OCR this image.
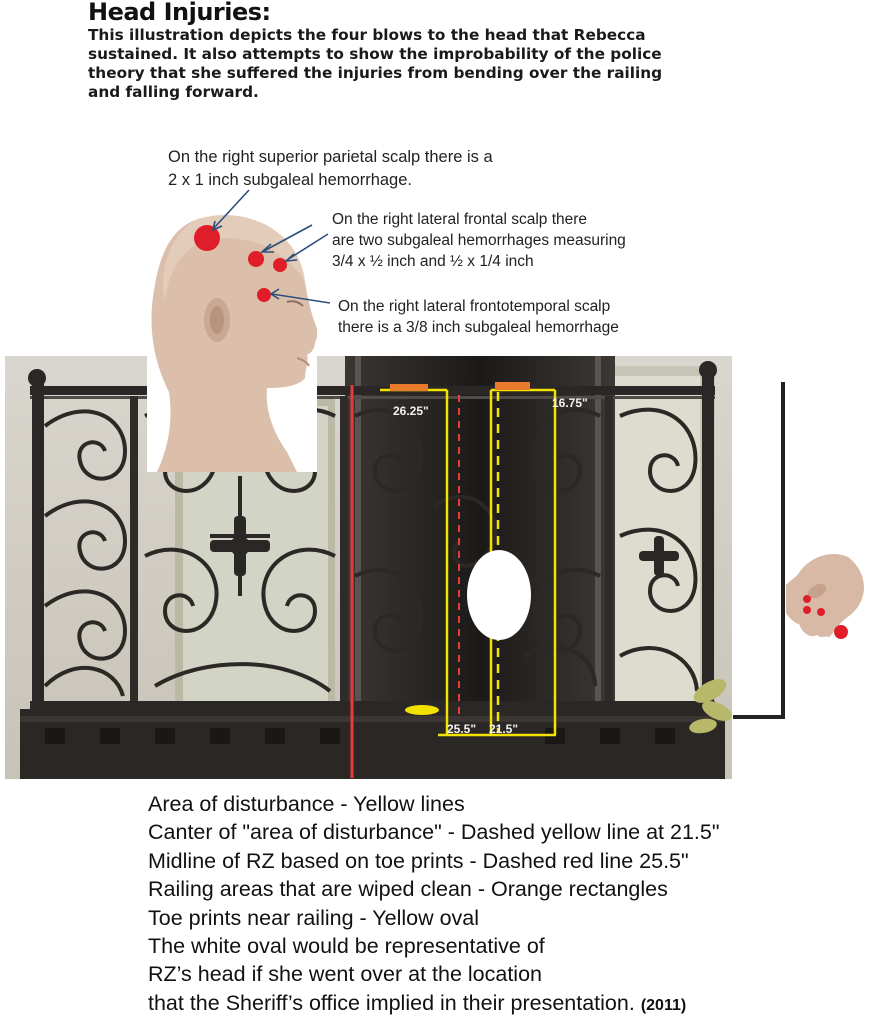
Head Injuries:
This illustration depicts the four blows to the head that Rebecca sustained. It also attempts to show the improbability of the police theory that she suffered the injuries from bending over the railing and falling forward.
26.25"
16.75"
25.5" 21.5"
On the right superior parietal scalp there is a
2 x 1 inch subgaleal hemorrhage.
On the right lateral frontal scalp there
are two subgaleal hemorrhages measuring
3/4 x ½ inch and ½ x 1/4 inch
On the right lateral frontotemporal scalp
there is a 3/8 inch subgaleal hemorrhage
Area of disturbance - Yellow lines
Canter of "area of disturbance" - Dashed yellow line at 21.5"
Midline of RZ based on toe prints - Dashed red line 25.5"
Railing areas that are wiped clean - Orange rectangles
Toe prints near railing - Yellow oval
The white oval would be representative of
RZ’s head if she went over at the location
that the Sheriff’s office implied in their presentation. (2011)
